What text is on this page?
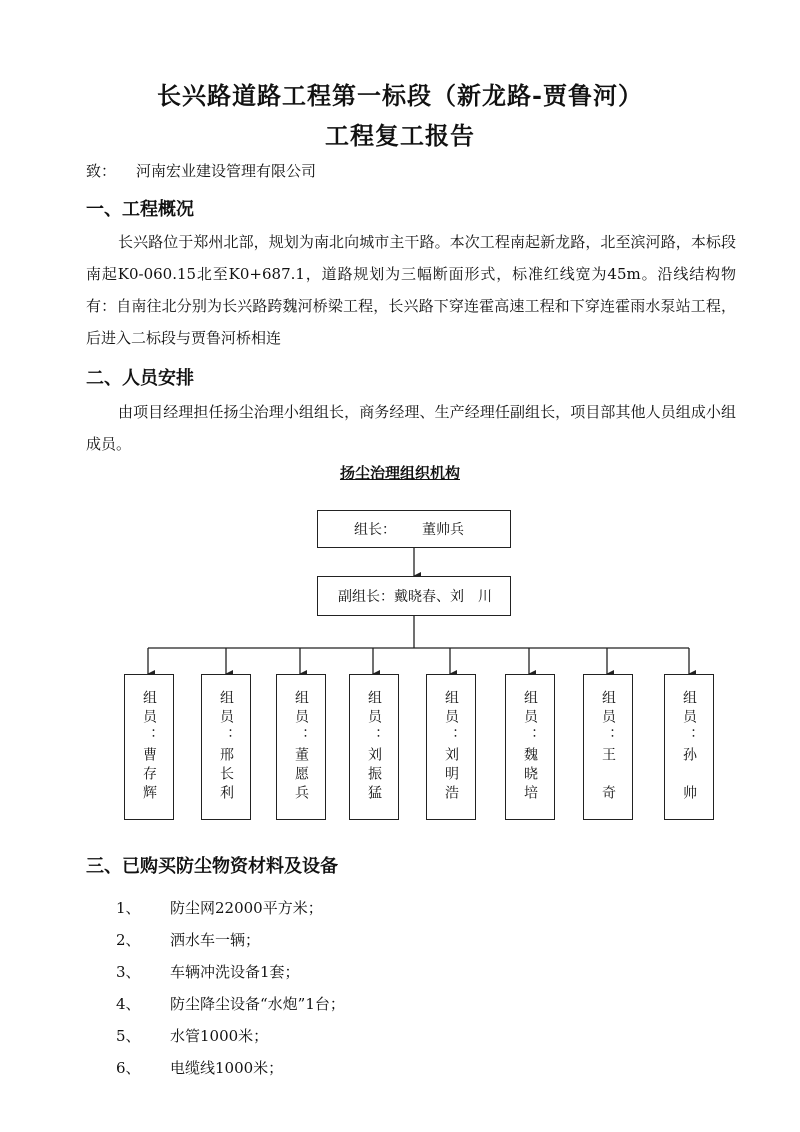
长兴路道路工程第一标段（新龙路-贾鲁河）
工程复工报告
致： 河南宏业建设管理有限公司
一、工程概况
长兴路位于郑州北部，规划为南北向城市主干路。本次工程南起新龙路，北至滨河路，本标段南起K0-060.15北至K0+687.1，道路规划为三幅断面形式，标准红线宽为45m。沿线结构物有：自南往北分别为长兴路跨魏河桥梁工程，长兴路下穿连霍高速工程和下穿连霍雨水泵站工程，后进入二标段与贾鲁河桥相连
二、人员安排
由项目经理担任扬尘治理小组组长，商务经理、生产经理任副组长，项目部其他人员组成小组成员。
扬尘治理组织机构
组长： 董帅兵
副组长：戴晓春、刘　川
组员：曹存辉	组员：邢长利	组员：董愿兵	组员：刘振猛	组员：刘明浩	组员：魏晓培	组员：王　奇	组员：孙　帅
三、已购买防尘物资材料及设备
1、 防尘网22000平方米；
2、 洒水车一辆；
3、 车辆冲洗设备1套；
4、 防尘降尘设备“水炮”1台；
5、 水管1000米；
6、 电缆线1000米；
